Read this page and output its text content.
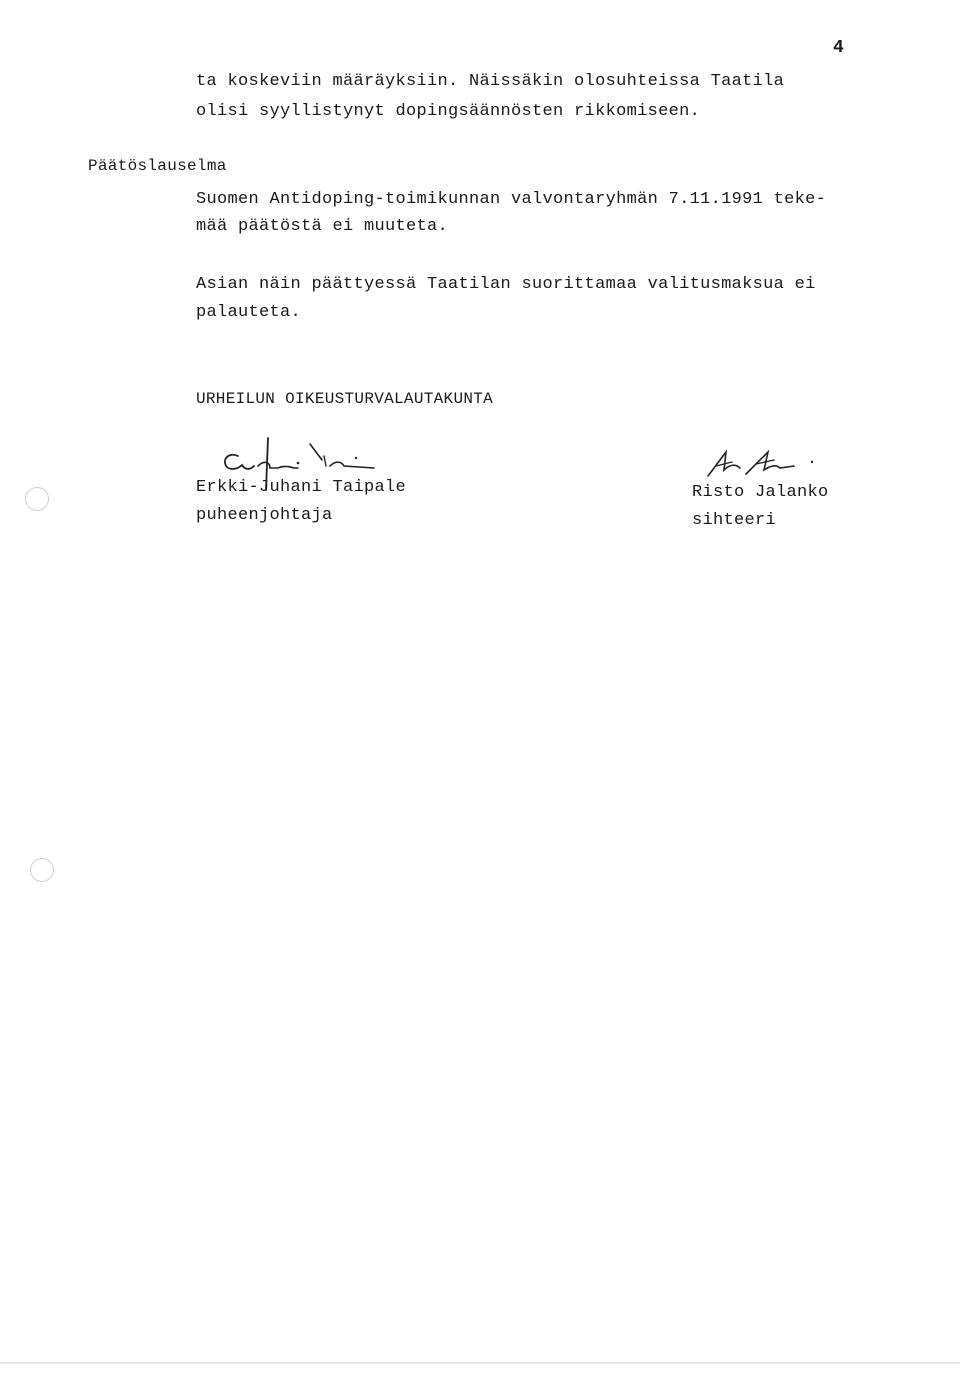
4
ta koskeviin määräyksiin. Näissäkin olosuhteissa Taatila
olisi syyllistynyt dopingsäännösten rikkomiseen.
Päätöslauselma
Suomen Antidoping-toimikunnan valvontaryhmän 7.11.1991 teke-
mää päätöstä ei muuteta.
Asian näin päättyessä Taatilan suorittamaa valitusmaksua ei
palauteta.
URHEILUN OIKEUSTURVALAUTAKUNTA
Erkki-Juhani Taipale
puheenjohtaja
Risto Jalanko
sihteeri
